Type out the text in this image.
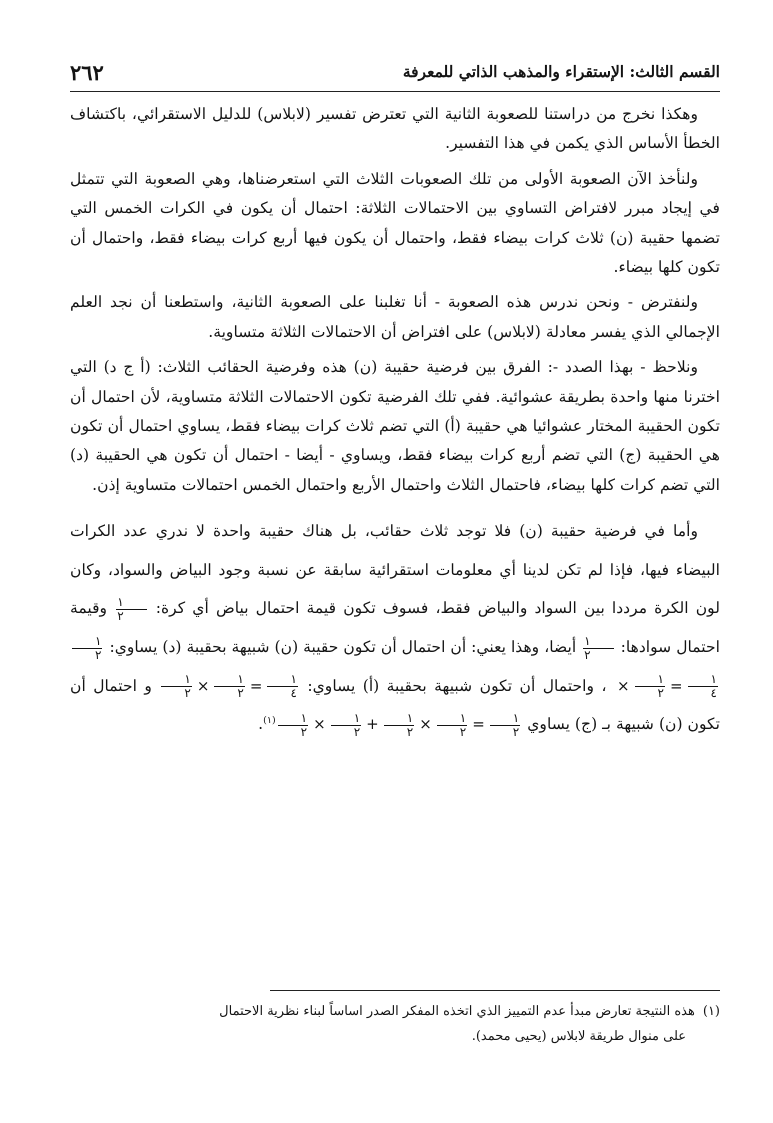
القسم الثالث: الإستقراء والمذهب الذاتي للمعرفة
٢٦٢

وهكذا نخرج من دراستنا للصعوبة الثانية التي تعترض تفسير (لابلاس) للدليل الاستقرائي، باكتشاف الخطأ الأساس الذي يكمن في هذا التفسير.

ولنأخذ الآن الصعوبة الأولى من تلك الصعوبات الثلاث التي استعرضناها، وهي الصعوبة التي تتمثل في إيجاد مبرر لافتراض التساوي بين الاحتمالات الثلاثة: احتمال أن يكون في الكرات الخمس التي تضمها حقيبة (ن) ثلاث كرات بيضاء فقط، واحتمال أن يكون فيها أربع كرات بيضاء فقط، واحتمال أن تكون كلها بيضاء.

ولنفترض - ونحن ندرس هذه الصعوبة - أنا تغلبنا على الصعوبة الثانية، واستطعنا أن نجد العلم الإجمالي الذي يفسر معادلة (لابلاس) على افتراض أن الاحتمالات الثلاثة متساوية.

ونلاحظ - بهذا الصدد -: الفرق بين فرضية حقيبة (ن) هذه وفرضية الحقائب الثلاث: (أ ج د) التي اخترنا منها واحدة بطريقة عشوائية. ففي تلك الفرضية تكون الاحتمالات الثلاثة متساوية، لأن احتمال أن تكون الحقيبة المختار عشوائيا هي حقيبة (أ) التي تضم ثلاث كرات بيضاء فقط، يساوي احتمال أن تكون هي الحقيبة (ج) التي تضم أربع كرات بيضاء فقط، ويساوي - أيضا - احتمال أن تكون هي الحقيبة (د) التي تضم كرات كلها بيضاء، فاحتمال الثلاث واحتمال الأربع واحتمال الخمس احتمالات متساوية إذن.

وأما في فرضية حقيبة (ن) فلا توجد ثلاث حقائب، بل هناك حقيبة واحدة لا ندري عدد الكرات البيضاء فيها، فإذا لم تكن لدينا أي معلومات استقرائية سابقة عن نسبة وجود البياض والسواد، وكان لون الكرة مرددا بين السواد والبياض فقط، فسوف تكون قيمة احتمال بياض أي كرة:
$\frac{١}{٢}$
وقيمة احتمال سوادها:
$\frac{١}{٢}$
أيضا، وهذا يعني: أن احتمال أن تكون حقيبة (ن) شبيهة بحقيبة (د) يساوي:
$\frac{١}{٢}$
× $\frac{١}{٢} = \frac{١}{٤}$
، واحتمال أن تكون شبيهة بحقيبة (أ) يساوي:
$\frac{١}{٢} \times \frac{١}{٢} = \frac{١}{٤}$
و احتمال أن تكون (ن) شبيهة بـ (ج) يساوي
$\frac{١}{٢} \times \frac{١}{٢} + \frac{١}{٢} \times \frac{١}{٢} = \frac{١}{٢}$
$^{(١)}$.

(١)هذه النتيجة تعارض مبدأ عدم التمييز الذي اتخذه المفكر الصدر اساساً لبناء نظرية الاحتمال
على منوال طريقة لابلاس (يحيى محمد).
